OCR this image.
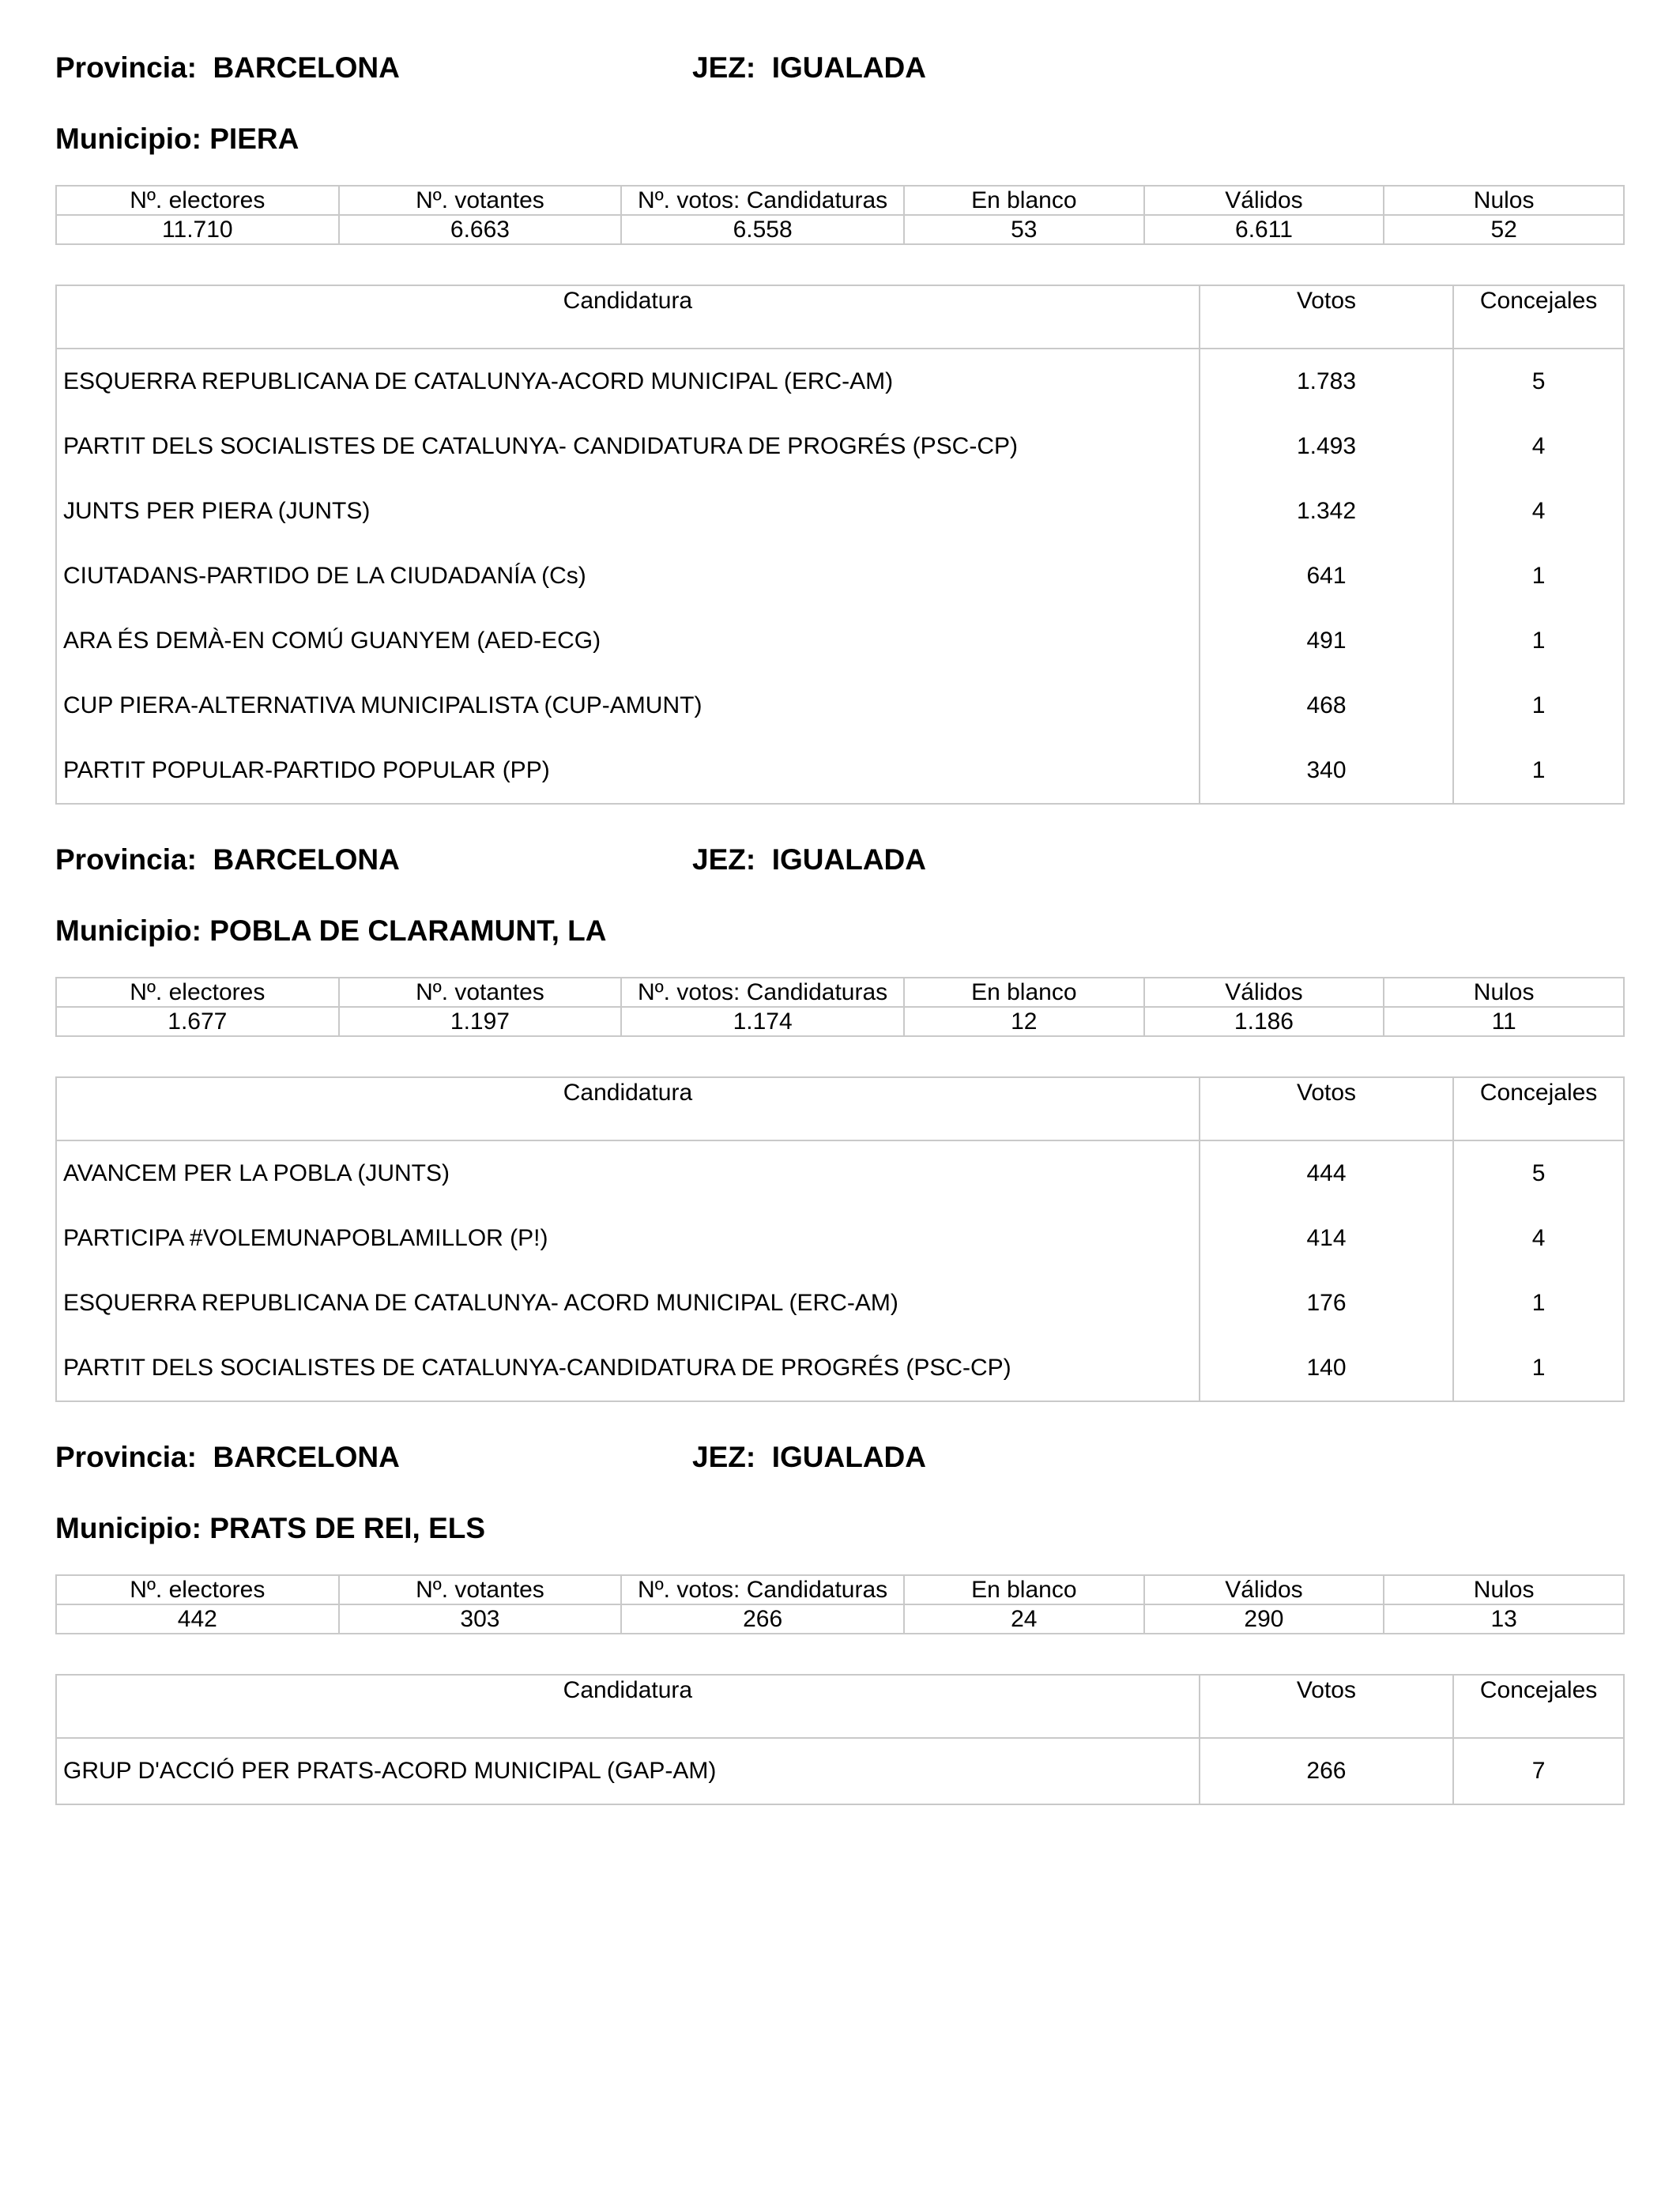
Provincia:  BARCELONA	JEZ:  IGUALADA
Municipio: PIERA
Nº. electores	Nº. votantes	Nº. votos: Candidaturas	En blanco	Válidos	Nulos
11.710	6.663	6.558	53	6.611	52
Candidatura	Votos	Concejales
ESQUERRA REPUBLICANA DE CATALUNYA-ACORD MUNICIPAL (ERC-AM)	1.783	5
PARTIT DELS SOCIALISTES DE CATALUNYA- CANDIDATURA DE PROGRÉS (PSC-CP)	1.493	4
JUNTS PER PIERA (JUNTS)	1.342	4
CIUTADANS-PARTIDO DE LA CIUDADANÍA (Cs)	641	1
ARA ÉS DEMÀ-EN COMÚ GUANYEM (AED-ECG)	491	1
CUP PIERA-ALTERNATIVA MUNICIPALISTA (CUP-AMUNT)	468	1
PARTIT POPULAR-PARTIDO POPULAR (PP)	340	1
Provincia:  BARCELONA	JEZ:  IGUALADA
Municipio: POBLA DE CLARAMUNT, LA
Nº. electores	Nº. votantes	Nº. votos: Candidaturas	En blanco	Válidos	Nulos
1.677	1.197	1.174	12	1.186	11
Candidatura	Votos	Concejales
AVANCEM PER LA POBLA (JUNTS)	444	5
PARTICIPA #VOLEMUNAPOBLAMILLOR (P!)	414	4
ESQUERRA REPUBLICANA DE CATALUNYA- ACORD MUNICIPAL (ERC-AM)	176	1
PARTIT DELS SOCIALISTES DE CATALUNYA-CANDIDATURA DE PROGRÉS (PSC-CP)	140	1
Provincia:  BARCELONA	JEZ:  IGUALADA
Municipio: PRATS DE REI, ELS
Nº. electores	Nº. votantes	Nº. votos: Candidaturas	En blanco	Válidos	Nulos
442	303	266	24	290	13
Candidatura	Votos	Concejales
GRUP D'ACCIÓ PER PRATS-ACORD MUNICIPAL (GAP-AM)	266	7
